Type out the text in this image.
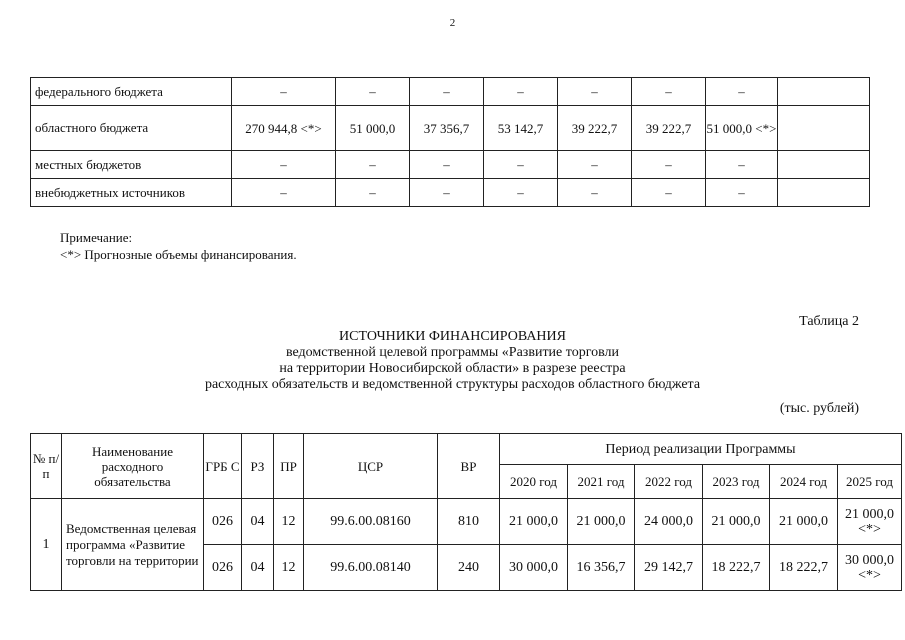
2
федерального бюджета	–	–	–	–	–	–	–	
областного бюджета	270 944,8 <*>	51 000,0	37 356,7	53 142,7	39 222,7	39 222,7	51 000,0 <*>	
местных бюджетов	–	–	–	–	–	–	–	
внебюджетных источников	–	–	–	–	–	–	–	
Примечание:
<*> Прогнозные объемы финансирования.
Таблица 2
ИСТОЧНИКИ ФИНАНСИРОВАНИЯ
ведомственной целевой программы «Развитие торговли
на территории Новосибирской области» в разрезе реестра
расходных обязательств и ведомственной структуры расходов областного бюджета
(тыс. рублей)
№ п/п	Наименование расходного обязательства	ГРБ С	РЗ	ПР	ЦСР	ВР	Период реализации Программы					
							2020 год	2021 год	2022 год	2023 год	2024 год	2025 год
1	Ведомственная целевая программа «Развитие торговли на территории	026	04	12	99.6.00.08160	810	21 000,0	21 000,0	24 000,0	21 000,0	21 000,0	21 000,0 <*>
		026	04	12	99.6.00.08140	240	30 000,0	16 356,7	29 142,7	18 222,7	18 222,7	30 000,0 <*>
